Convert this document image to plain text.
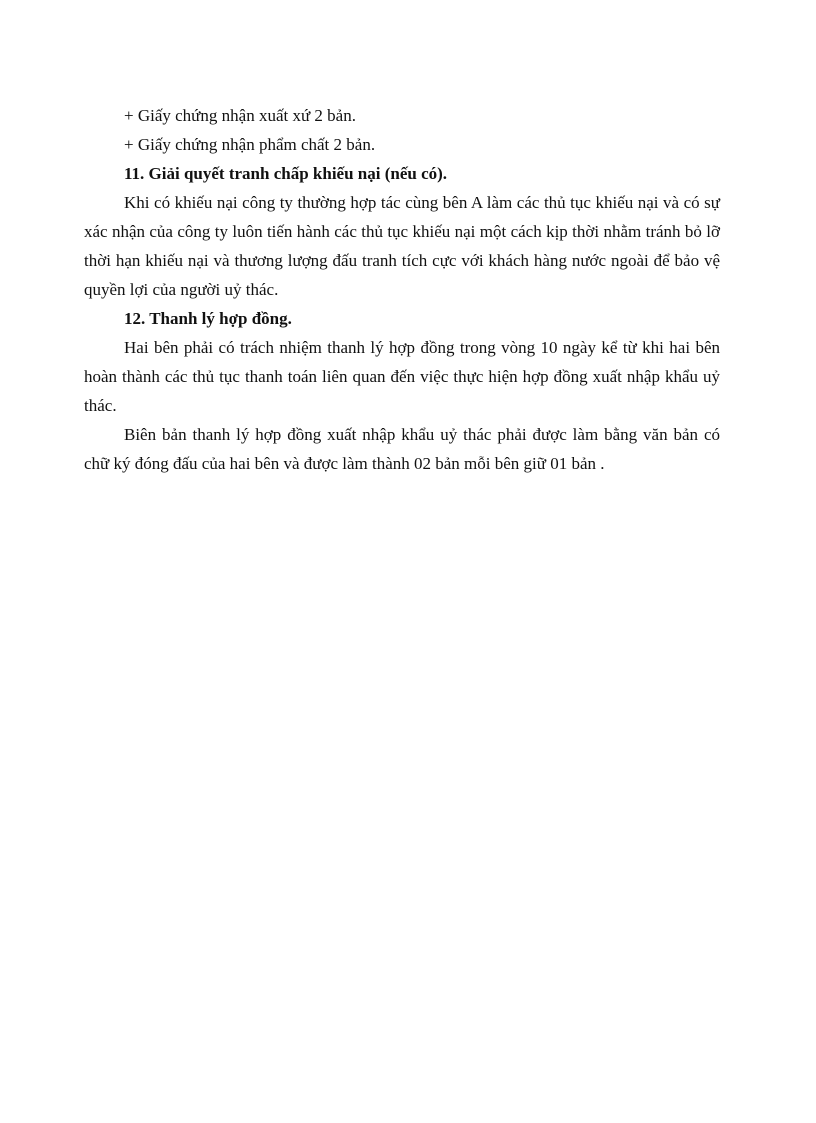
+ Giấy chứng nhận xuất xứ 2 bản.

+ Giấy chứng nhận phẩm chất 2 bản.

11. Giải quyết tranh chấp khiếu nại (nếu có).

Khi có khiếu nại công ty thường hợp tác cùng bên A làm các thủ tục khiếu nại và có sự xác nhận của công ty luôn tiến hành các thủ tục khiếu nại một cách kịp thời nhằm tránh bỏ lỡ thời hạn khiếu nại và thương lượng đấu tranh tích cực với khách hàng nước ngoài để bảo vệ quyền lợi của người uỷ thác.

12. Thanh lý hợp đồng.

Hai bên phải có trách nhiệm thanh lý hợp đồng trong vòng 10 ngày kể từ khi hai bên hoàn thành các thủ tục thanh toán liên quan đến việc thực hiện hợp đồng xuất nhập khẩu uỷ thác.

Biên bản thanh lý hợp đồng xuất nhập khẩu uỷ thác phải được làm bằng văn bản có chữ ký đóng đấu của hai bên và được làm thành 02 bản mỗi bên giữ 01 bản .
